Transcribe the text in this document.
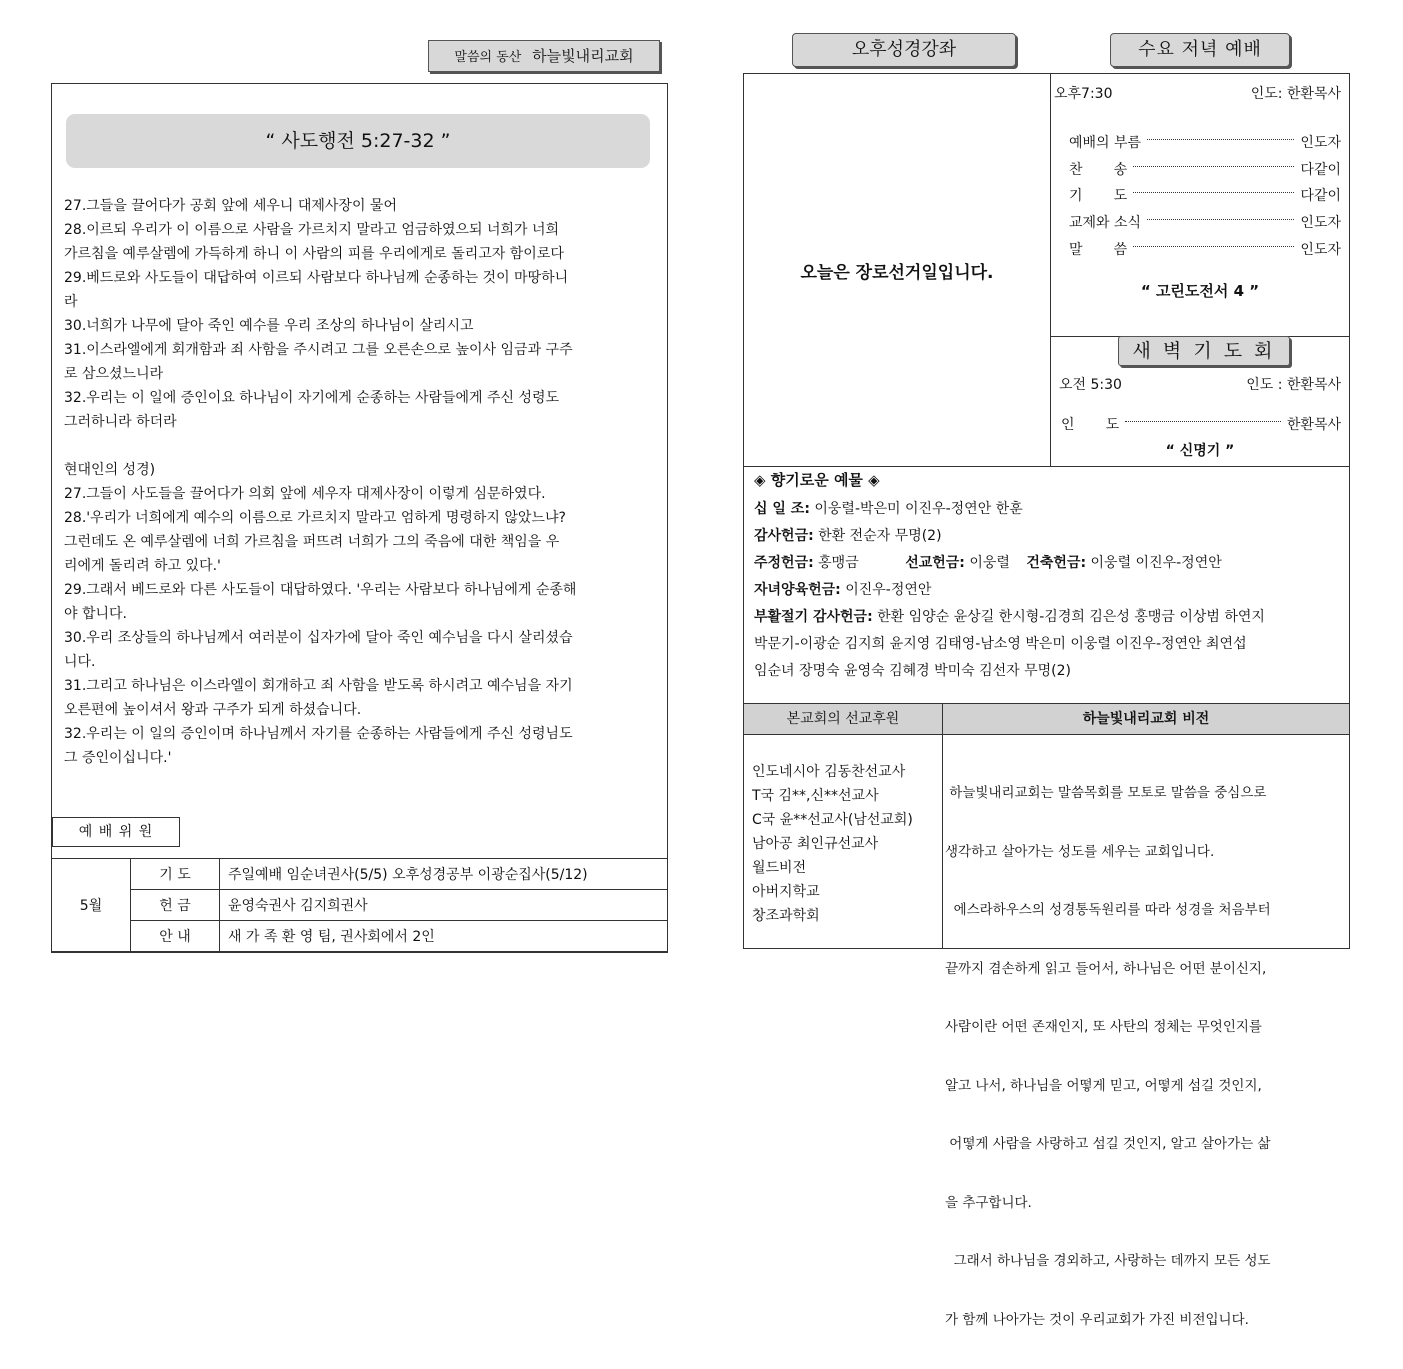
말씀의 동산 하늘빛내리교회
“ 사도행전 5:27-32 ”
27.그들을 끌어다가 공회 앞에 세우니 대제사장이 물어
28.이르되 우리가 이 이름으로 사람을 가르치지 말라고 엄금하였으되 너희가 너희
가르침을 예루살렘에 가득하게 하니 이 사람의 피를 우리에게로 돌리고자 함이로다
29.베드로와 사도들이 대답하여 이르되 사람보다 하나님께 순종하는 것이 마땅하니
라
30.너희가 나무에 달아 죽인 예수를 우리 조상의 하나님이 살리시고
31.이스라엘에게 회개함과 죄 사함을 주시려고 그를 오른손으로 높이사 임금과 구주
로 삼으셨느니라
32.우리는 이 일에 증인이요 하나님이 자기에게 순종하는 사람들에게 주신 성령도
그러하니라 하더라
현대인의 성경)
27.그들이 사도들을 끌어다가 의회 앞에 세우자 대제사장이 이렇게 심문하였다.
28.'우리가 너희에게 예수의 이름으로 가르치지 말라고 엄하게 명령하지 않았느냐?
그런데도 온 예루살렘에 너희 가르침을 퍼뜨려 너희가 그의 죽음에 대한 책임을 우
리에게 돌리려 하고 있다.'
29.그래서 베드로와 다른 사도들이 대답하였다. '우리는 사람보다 하나님에게 순종해
야 합니다.
30.우리 조상들의 하나님께서 여러분이 십자가에 달아 죽인 예수님을 다시 살리셨습
니다.
31.그리고 하나님은 이스라엘이 회개하고 죄 사함을 받도록 하시려고 예수님을 자기
오른편에 높이셔서 왕과 구주가 되게 하셨습니다.
32.우리는 이 일의 증인이며 하나님께서 자기를 순종하는 사람들에게 주신 성령님도
그 증인이십니다.'
예 배 위 원
5월	기 도	주일예배 임순녀권사(5/5) 오후성경공부 이광순집사(5/12)
	헌 금	윤영숙권사 김지희권사
	안 내	새 가 족 환 영 팀, 권사회에서 2인
오후성경강좌	수요 저녁 예배
오늘은 장로선거일입니다.
오후7:30	인도: 한환목사
예배의 부름	인도자
찬       송	다같이
기       도	다같이
교제와 소식	인도자
말       씀	인도자
“ 고린도전서 4 ”
새 벽 기 도 회
오전 5:30	인도 : 한환목사
인       도	한환목사
“ 신명기 ”
◈ 향기로운 예물 ◈
십 일 조: 이웅렬-박은미 이진우-정연안 한훈
감사헌금: 한환 전순자 무명(2)
주정헌금: 홍맹금	선교헌금: 이웅렬 건축헌금: 이웅렬 이진우-정연안
자녀양육헌금: 이진우-정연안
부활절기 감사헌금: 한환 임양순 윤상길 한시형-김경희 김은성 홍맹금 이상범 하연지
박문기-이광순 김지희 윤지영 김태영-남소영 박은미 이웅렬 이진우-정연안 최연섭
임순녀 장명숙 윤영숙 김혜경 박미숙 김선자 무명(2)
본교회의 선교후원	하늘빛내리교회 비전
인도네시아 김동찬선교사
T국 김**,신**선교사
C국 윤**선교사(남선교회)
남아공 최인규선교사
월드비전
아버지학교
창조과학회

하늘빛내리교회는 말씀목회를 모토로 말씀을 중심으로

생각하고 살아가는 성도를 세우는 교회입니다.

에스라하우스의 성경통독원리를 따라 성경을 처음부터

끝까지 겸손하게 읽고 들어서, 하나님은 어떤 분이신지,

사람이란 어떤 존재인지, 또 사탄의 정체는 무엇인지를

알고 나서, 하나님을 어떻게 믿고, 어떻게 섬길 것인지,

어떻게 사람을 사랑하고 섬길 것인지, 알고 살아가는 삶

을 추구합니다.

그래서 하나님을 경외하고, 사랑하는 데까지 모든 성도

가 함께 나아가는 것이 우리교회가 가진 비전입니다.
